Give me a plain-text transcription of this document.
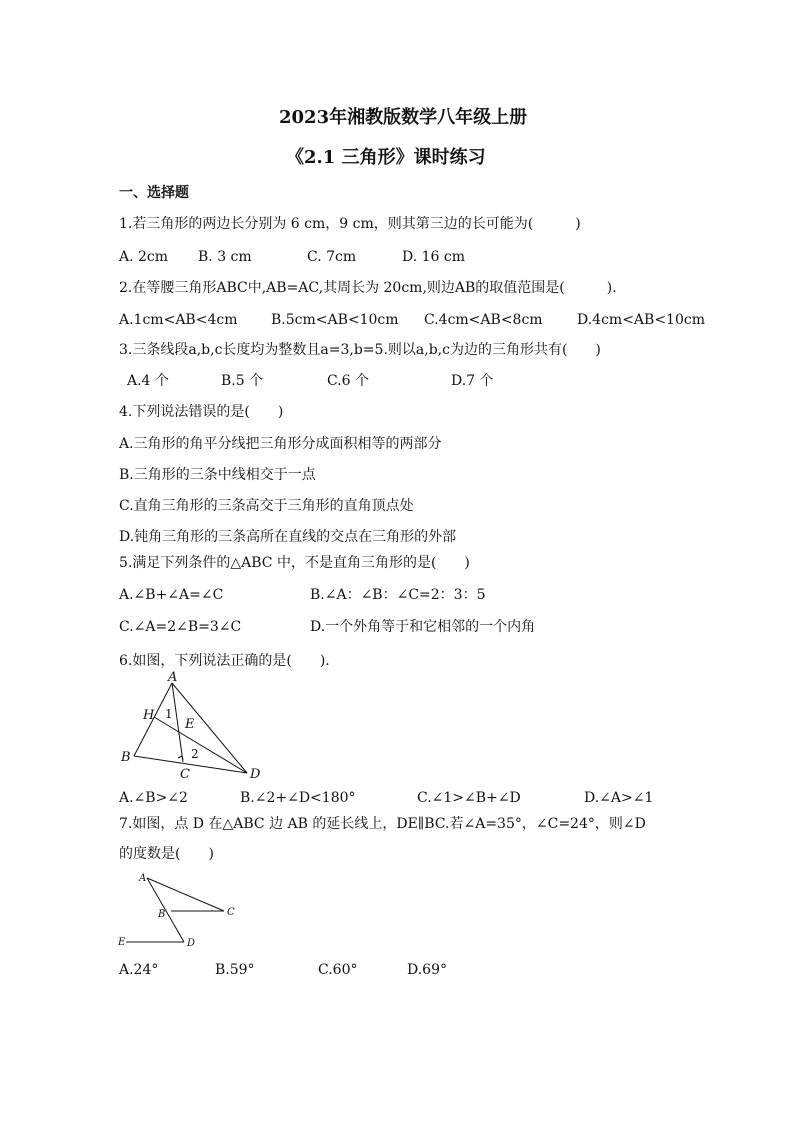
2023年湘教版数学八年级上册
《2.1 三角形》课时练习
一、选择题
1.若三角形的两边长分别为 6 cm，9 cm，则其第三边的长可能为(　　　)
A. 2cm B. 3 cm	C. 7cm	D. 16 cm
2.在等腰三角形ABC中,AB=AC,其周长为 20cm,则边AB的取值范围是(　　　).
A.1cm<AB<4cm B.5cm<AB<10cm C.4cm<AB<8cm D.4cm<AB<10cm
3.三条线段a,b,c长度均为整数且a=3,b=5.则以a,b,c为边的三角形共有(　　)
A.4 个	B.5 个	C.6 个	D.7 个
4.下列说法错误的是(　　)
A.三角形的角平分线把三角形分成面积相等的两部分
B.三角形的三条中线相交于一点
C.直角三角形的三条高交于三角形的直角顶点处
D.钝角三角形的三条高所在直线的交点在三角形的外部
5.满足下列条件的△ABC 中，不是直角三角形的是(　　)
A.∠B+∠A=∠C	B.∠A：∠B：∠C=2：3：5
C.∠A=2∠B=3∠C	D.一个外角等于和它相邻的一个内角
6.如图，下列说法正确的是(　　).
A
H 1
E
2
B
C	D
A.∠B>∠2	B.∠2+∠D<180°	C.∠1>∠B+∠D	D.∠A>∠1
7.如图，点 D 在△ABC 边 AB 的延长线上，DE∥BC.若∠A=35°，∠C=24°，则∠D
的度数是(　　)
A
B	C
E	D
A.24°	B.59°	C.60°	D.69°
